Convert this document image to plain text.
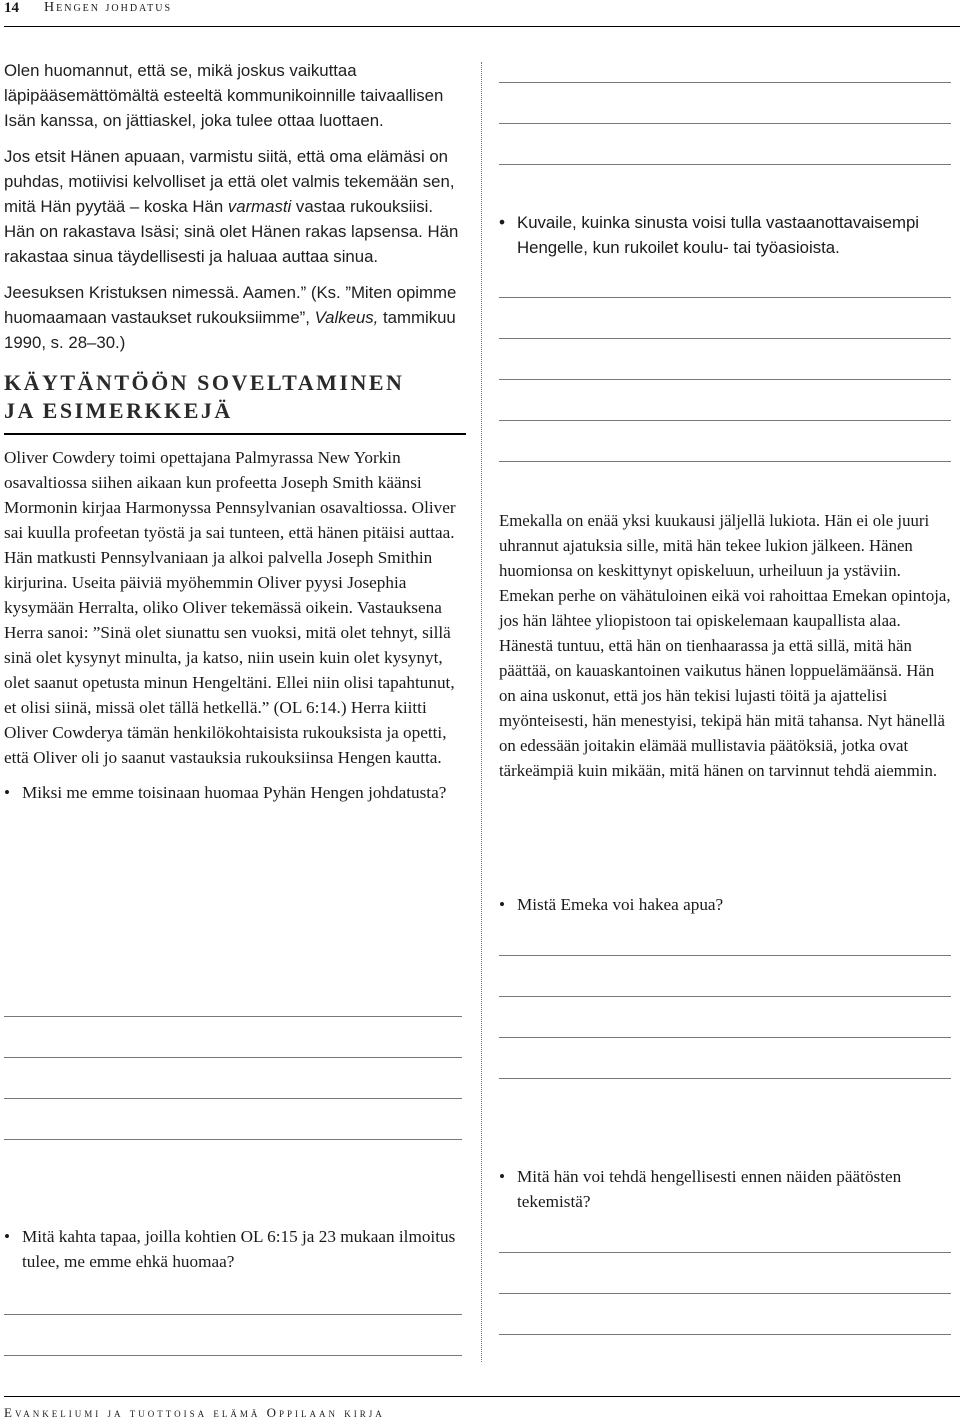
14 Hengen johdatus

Olen huomannut, että se, mikä joskus vaikuttaa läpipääsemättömältä esteeltä kommunikoinnille taivaallisen Isän kanssa, on jättiaskel, joka tulee ottaa luottaen.

Jos etsit Hänen apuaan, varmistu siitä, että oma elämäsi on puhdas, motiivisi kelvolliset ja että olet valmis tekemään sen, mitä Hän pyytää – koska Hän varmasti vastaa rukouksiisi. Hän on rakastava Isäsi; sinä olet Hänen rakas lapsensa. Hän rakastaa sinua täydellisesti ja haluaa auttaa sinua.

Jeesuksen Kristuksen nimessä. Aamen.” (Ks. ”Miten opimme huomaamaan vastaukset rukouksiimme”, Valkeus, tammikuu 1990, s. 28–30.)

KÄYTÄNTÖÖN SOVELTAMINEN
JA ESIMERKKEJÄ

Oliver Cowdery toimi opettajana Palmyrassa New Yorkin osavaltiossa siihen aikaan kun profeetta Joseph Smith käänsi Mormonin kirjaa Harmonyssa Pennsylvanian osavaltiossa. Oliver sai kuulla profeetan työstä ja sai tunteen, että hänen pitäisi auttaa. Hän matkusti Pennsylvaniaan ja alkoi palvella Joseph Smithin kirjurina. Useita päiviä myöhemmin Oliver pyysi Josephia kysymään Herralta, oliko Oliver tekemässä oikein. Vastauksena Herra sanoi: ”Sinä olet siunattu sen vuoksi, mitä olet tehnyt, sillä sinä olet kysynyt minulta, ja katso, niin usein kuin olet kysynyt, olet saanut opetusta minun Hengeltäni. Ellei niin olisi tapahtunut, et olisi siinä, missä olet tällä hetkellä.” (OL 6:14.) Herra kiitti Oliver Cowderya tämän henkilökohtaisista rukouksista ja opetti, että Oliver oli jo saanut vastauksia rukouksiinsa Hengen kautta.

• Miksi me emme toisinaan huomaa Pyhän Hengen johdatusta?
• Mitä kahta tapaa, joilla kohtien OL 6:15 ja 23 mukaan ilmoitus tulee, me emme ehkä huomaa?
• Kuvaile, kuinka sinusta voisi tulla vastaanottavaisempi Hengelle, kun rukoilet koulu- tai työasioista.

Emekalla on enää yksi kuukausi jäljellä lukiota. Hän ei ole juuri uhrannut ajatuksia sille, mitä hän tekee lukion jälkeen. Hänen huomionsa on keskittynyt opiskeluun, urheiluun ja ystäviin. Emekan perhe on vähätuloinen eikä voi rahoittaa Emekan opintoja, jos hän lähtee yliopistoon tai opiskelemaan kaupallista alaa. Hänestä tuntuu, että hän on tienhaarassa ja että sillä, mitä hän päättää, on kauaskantoinen vaikutus hänen loppuelämäänsä. Hän on aina uskonut, että jos hän tekisi lujasti töitä ja ajattelisi myönteisesti, hän menestyisi, tekipä hän mitä tahansa. Nyt hänellä on edessään joitakin elämää mullistavia päätöksiä, jotka ovat tärkeämpiä kuin mikään, mitä hänen on tarvinnut tehdä aiemmin.

• Mistä Emeka voi hakea apua?
• Mitä hän voi tehdä hengellisesti ennen näiden päätösten tekemistä?
Evankeliumi ja tuottoisa elämä Oppilaan kirja
